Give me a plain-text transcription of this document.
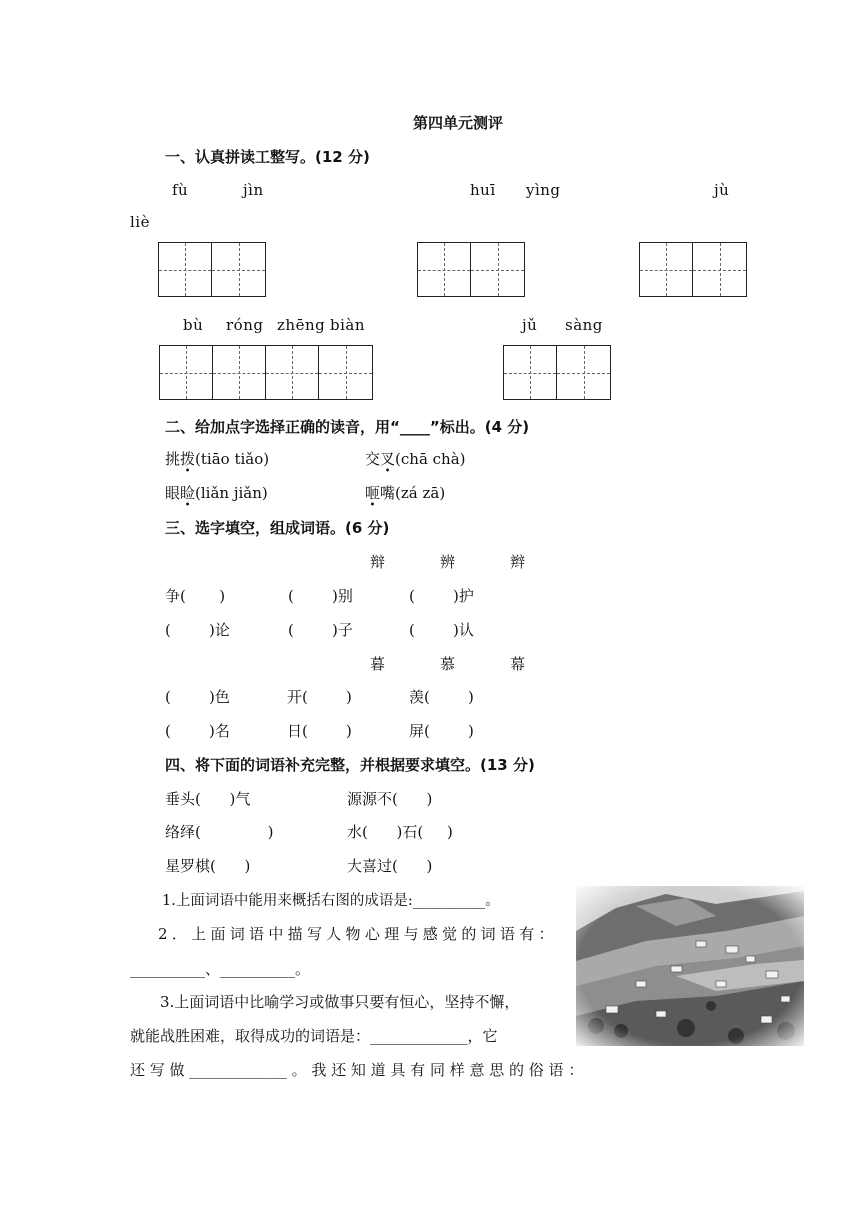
第四单元测评
一、认真拼读工整写。(12 分)
fù	jìn	huī yìng	jù
liè
bù róng zhēng biàn	jǔ sàng
二、给加点字选择正确的读音，用“____”标出。(4 分)
挑拨(tiāo tiǎo)	交叉(chā chà)
眼睑(liǎn jiǎn)	咂嘴(zá zā)
三、选字填空，组成词语。(6 分)
辩	辨	辫
争(       )	(        )别	(        )护
(        )论	(        )子	(        )认
暮	慕	幕
(        )色	开(        )	羡(        )
(        )名	日(        )	屏(        )
四、将下面的词语补充完整，并根据要求填空。(13 分)
垂头(      )气	源源不(      )
络绎(              )	水(      )石(     )
星罗棋(      )	大喜过(      )
1.上面词语中能用来概括右图的成语是:__________。
2．上面词语中描写人物心理与感觉的词语有：
__________、__________。
3.上面词语中比喻学习或做事只要有恒心，坚持不懈，
就能战胜困难，取得成功的词语是：_____________，它
还 写 做 _____________ 。 我 还 知 道 具 有 同 样 意 思 的 俗 语 ：
